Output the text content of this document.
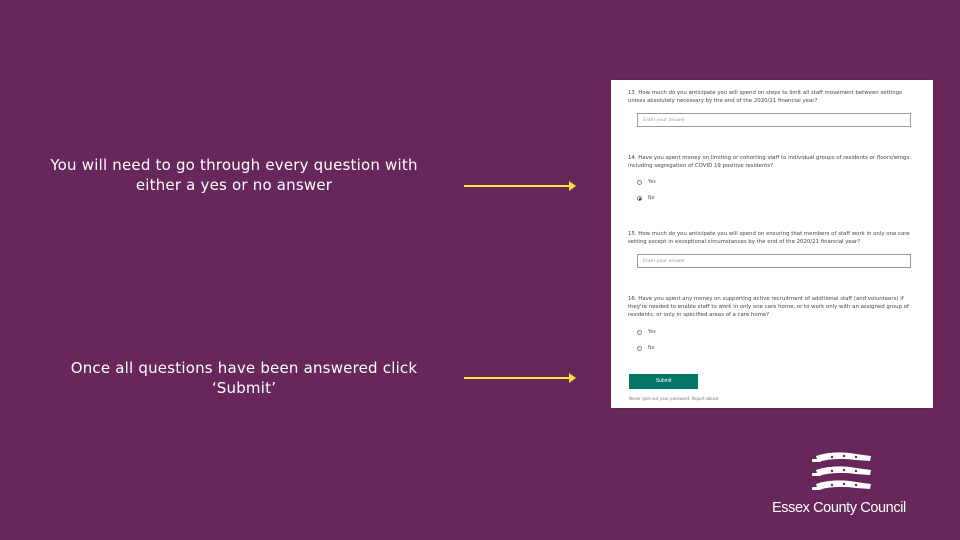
You will need to go through every question with either a yes or no answer
Once all questions have been answered click ‘Submit’
13. How much do you anticipate you will spend on steps to limit all staff movement between settings unless absolutely necessary by the end of the 2020/21 financial year?
Enter your answer
14. Have you spent money on limiting or cohorting staff to individual groups of residents or floors/wings including segregation of COVID 19 positive residents?
Yes
No
15. How much do you anticipate you will spend on ensuring that members of staff work in only one care setting except in exceptional circumstances by the end of the 2020/21 financial year?
Enter your answer
16. Have you spent any money on supporting active recruitment of additional staff (and volunteers) if they're needed to enable staff to work in only one care home, or to work only with an assigned group of residents, or only in specified areas of a care home?
Yes
No
Submit
Never give out your password. Report abuse
Essex County Council
